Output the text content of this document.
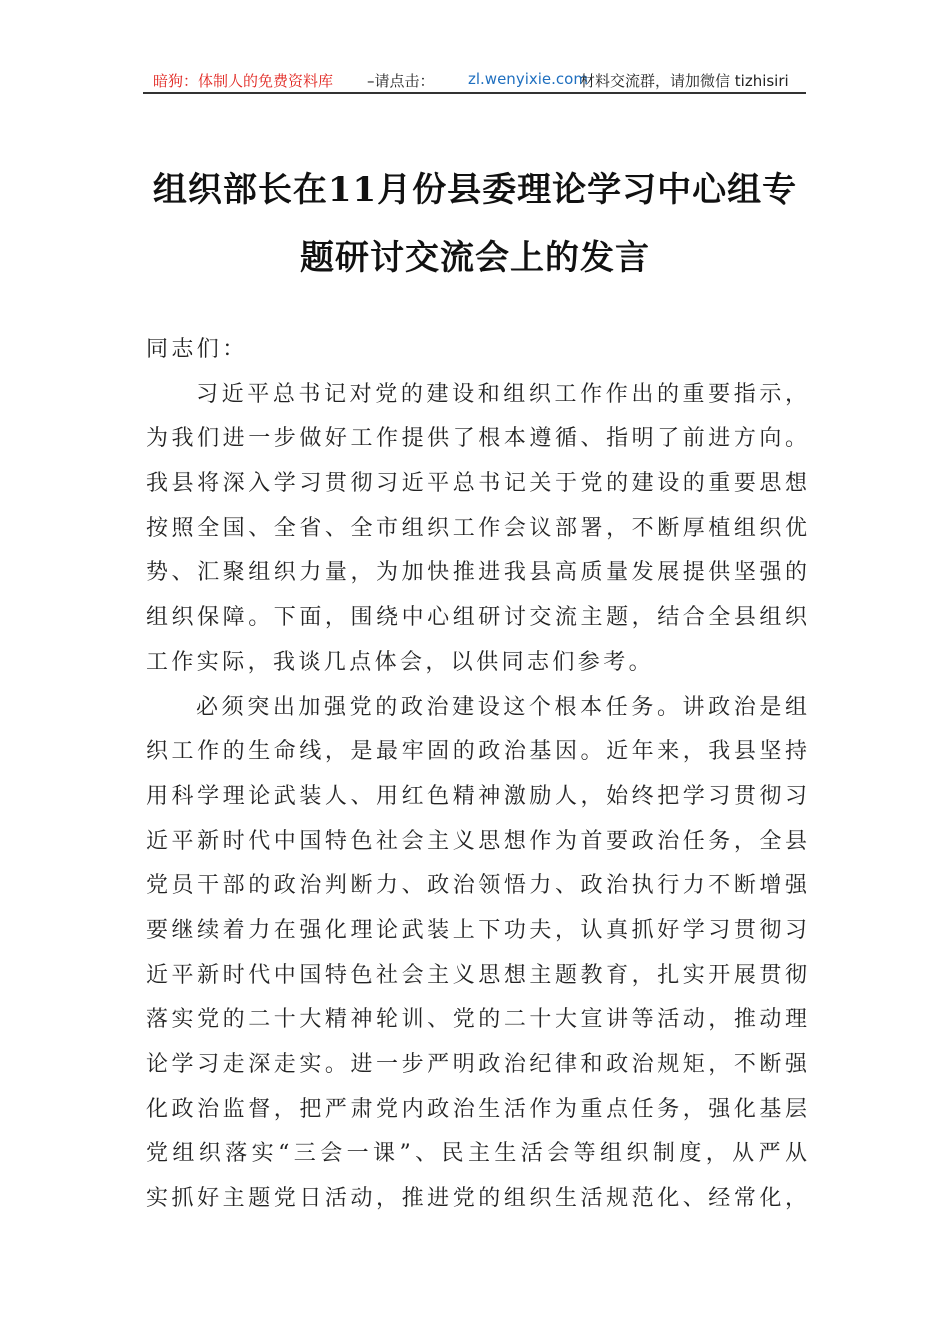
暗狗：体制人的免费资料库 –请点击： zl.wenyixie.com
材料交流群，请加微信 tizhisiri
组织部长在11月份县委理论学习中心组专
题研讨交流会上的发言
同志们：
习近平总书记对党的建设和组织工作作出的重要指示，
为我们进一步做好工作提供了根本遵循、指明了前进方向。
我县将深入学习贯彻习近平总书记关于党的建设的重要思想
按照全国、全省、全市组织工作会议部署，不断厚植组织优
势、汇聚组织力量，为加快推进我县高质量发展提供坚强的
组织保障。下面，围绕中心组研讨交流主题，结合全县组织
工作实际，我谈几点体会，以供同志们参考。
必须突出加强党的政治建设这个根本任务。讲政治是组
织工作的生命线，是最牢固的政治基因。近年来，我县坚持
用科学理论武装人、用红色精神激励人，始终把学习贯彻习
近平新时代中国特色社会主义思想作为首要政治任务，全县
党员干部的政治判断力、政治领悟力、政治执行力不断增强
要继续着力在强化理论武装上下功夫，认真抓好学习贯彻习
近平新时代中国特色社会主义思想主题教育，扎实开展贯彻
落实党的二十大精神轮训、党的二十大宣讲等活动，推动理
论学习走深走实。进一步严明政治纪律和政治规矩，不断强
化政治监督，把严肃党内政治生活作为重点任务，强化基层
党组织落实“三会一课”、民主生活会等组织制度，从严从
实抓好主题党日活动，推进党的组织生活规范化、经常化，
